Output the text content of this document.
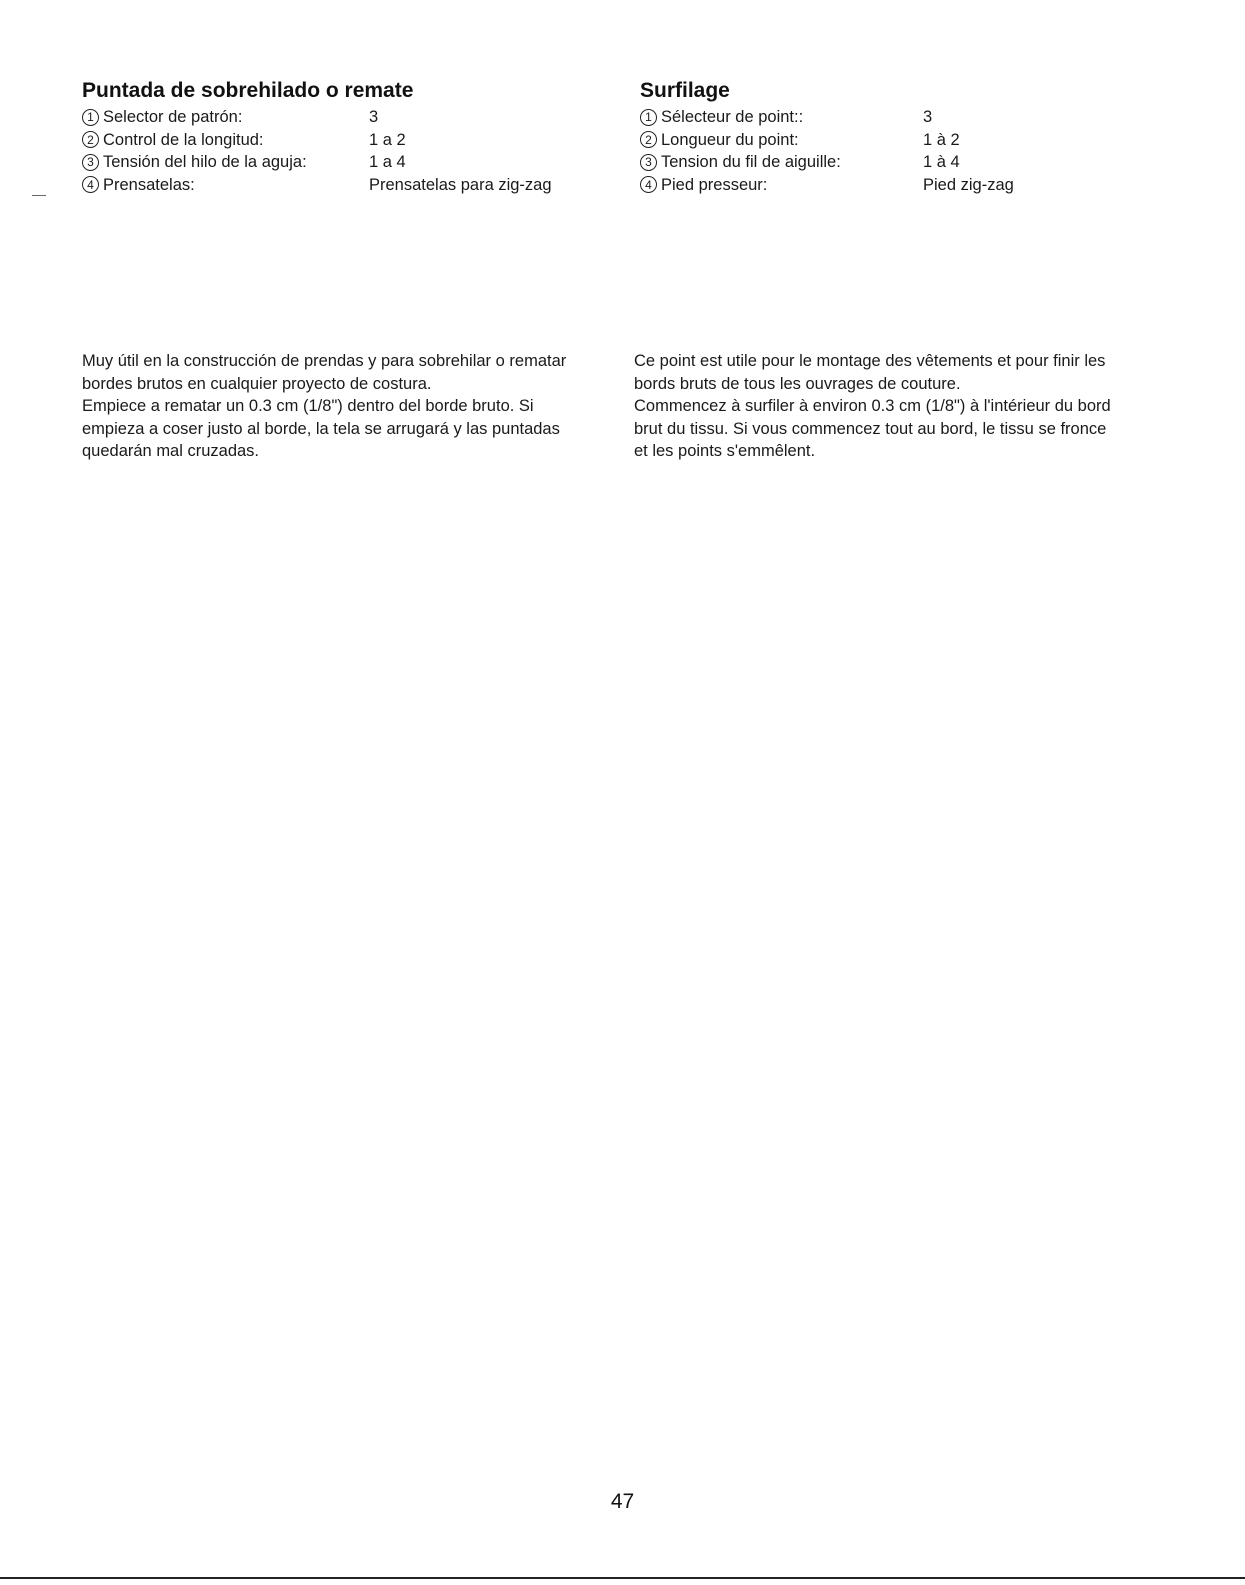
Puntada de sobrehilado o remate
1 Selector de patrón:	3
2 Control de la longitud:	1 a 2
3 Tensión del hilo de la aguja:	1 a 4
4 Prensatelas:	Prensatelas para zig-zag
Surfilage
1 Sélecteur de point::	3
2 Longueur du point:	1 à 2
3 Tension du fil de aiguille:	1 à 4
4 Pied presseur:	Pied zig-zag

Muy útil en la construcción de prendas y para sobrehilar o rematar
bordes brutos en cualquier proyecto de costura.
Empiece a rematar un 0.3 cm (1/8") dentro del borde bruto. Si
empieza a coser justo al borde, la tela se arrugará y las puntadas
quedarán mal cruzadas.

Ce point est utile pour le montage des vêtements et pour finir les
bords bruts de tous les ouvrages de couture.
Commencez à surfiler à environ 0.3 cm (1/8") à l'intérieur du bord
brut du tissu. Si vous commencez tout au bord, le tissu se fronce
et les points s'emmêlent.

47
